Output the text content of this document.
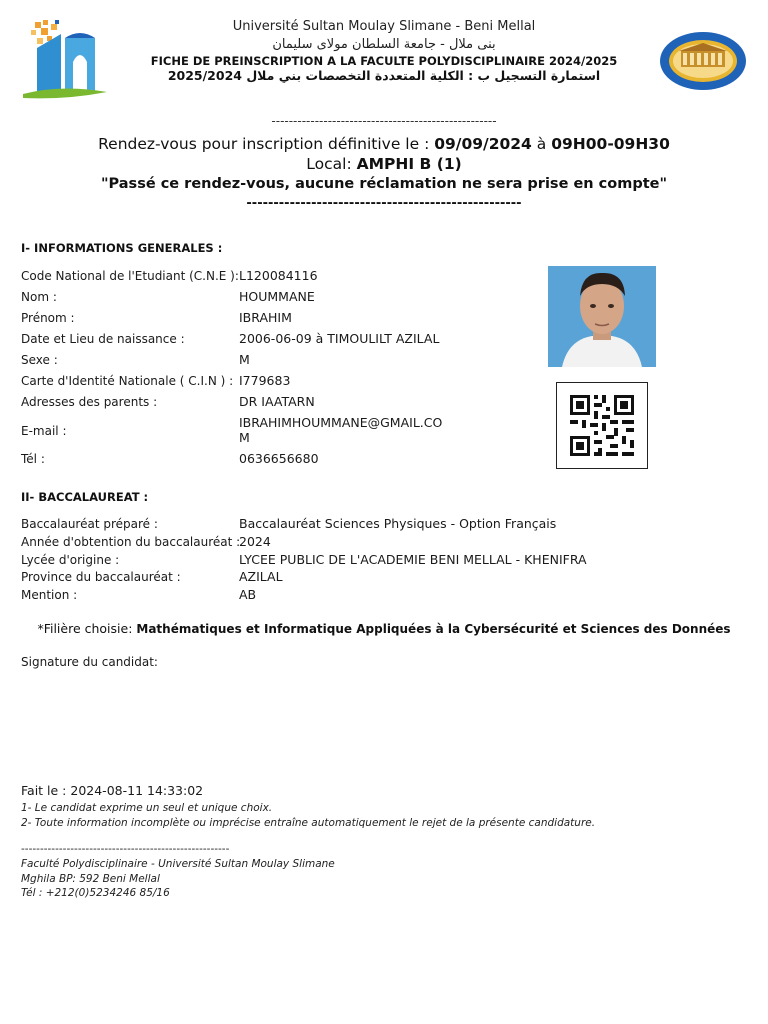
Université Sultan Moulay Slimane - Beni Mellal
بنى ملال - جامعة السلطان مولاى سليمان
FICHE DE PREINSCRIPTION A LA FACULTE POLYDISCIPLINAIRE 2024/2025
استمارة التسجيل ب : الكلية المتعددة التخصصات بني ملال 2025/2024
----------------------------------------------------
Rendez-vous pour inscription définitive le : 09/09/2024 à 09H00-09H30
Local: AMPHI B (1)
"Passé ce rendez-vous, aucune réclamation ne sera prise en compte"
---------------------------------------------------
I- INFORMATIONS GENERALES :
Code National de l'Etudiant (C.N.E ): L120084116
Nom :	HOUMMANE
Prénom :	IBRAHIM
Date et Lieu de naissance :	2006-06-09 à TIMOULILT AZILAL
Sexe :	M
Carte d'Identité Nationale ( C.I.N ) : I779683
Adresses des parents :	DR IAATARN
E-mail :
IBRAHIMHOUMMANE@GMAIL.COM
Tél :	0636656680
II- BACCALAUREAT :
Baccalauréat préparé :	Baccalauréat Sciences Physiques - Option Français
Année d'obtention du baccalauréat :
2024
Lycée d'origine :	LYCEE PUBLIC DE L'ACADEMIE BENI MELLAL - KHENIFRA
Province du baccalauréat :	AZILAL
Mention :	AB
*Filière choisie: Mathématiques et Informatique Appliquées à la Cybersécurité et Sciences des Données
Signature du candidat:
Fait le : 2024-08-11 14:33:02
1- Le candidat exprime un seul et unique choix.
2- Toute information incomplète ou imprécise entraîne automatiquement le rejet de la présente candidature.
-------------------------------------------------------
Faculté Polydisciplinaire - Université Sultan Moulay Slimane
Mghila BP: 592 Beni Mellal
Tél : +212(0)5234246 85/16
